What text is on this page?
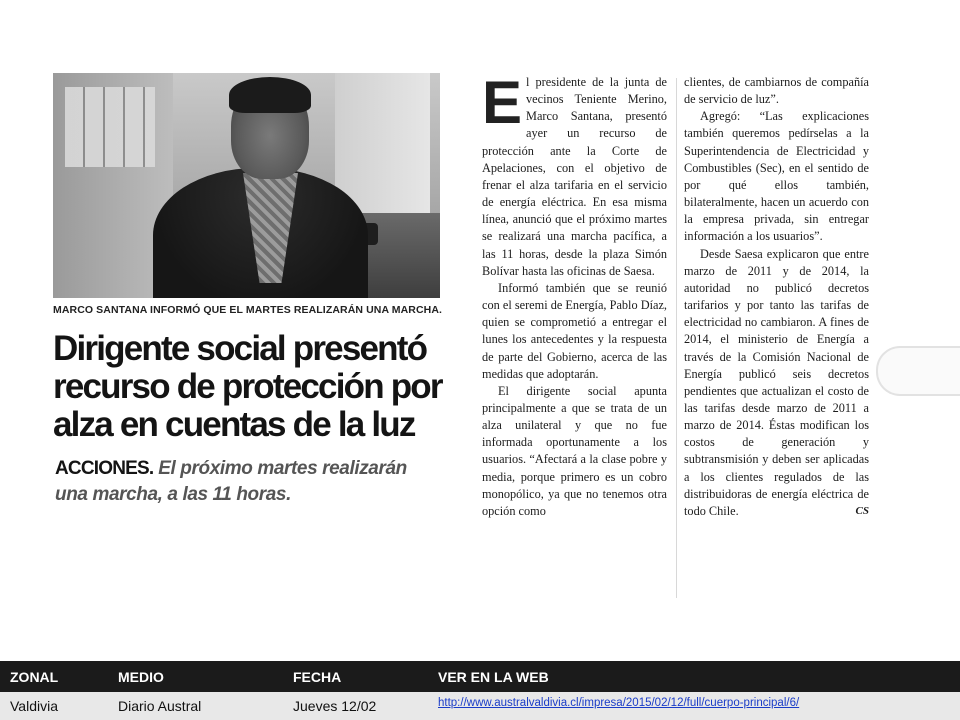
MARCO SANTANA INFORMÓ QUE EL MARTES REALIZARÁN UNA MARCHA.
Dirigente social presentó
recurso de protección por
alza en cuentas de la luz

ACCIONES. El próximo martes realizarán
una marcha, a las 11 horas.

El presidente de la junta de vecinos Teniente Merino, Marco Santana, presentó ayer un recurso de protección ante la Corte de Apelaciones, con el objetivo de frenar el alza tarifaria en el servicio de energía eléctrica. En esa misma línea, anunció que el próximo martes se realizará una marcha pacífica, a las 11 horas, desde la plaza Simón Bolívar hasta las oficinas de Saesa.

Informó también que se reunió con el seremi de Energía, Pablo Díaz, quien se comprometió a entregar el lunes los antecedentes y la respuesta de parte del Gobierno, acerca de las medidas que adoptarán.

El dirigente social apunta principalmente a que se trata de un alza unilateral y que no fue informada oportunamente a los usuarios. “Afectará a la clase pobre y media, porque primero es un cobro monopólico, ya que no tenemos otra opción como

clientes, de cambiarnos de compañía de servicio de luz”.

Agregó: “Las explicaciones también queremos pedírselas a la Superintendencia de Electricidad y Combustibles (Sec), en el sentido de por qué ellos también, bilateralmente, hacen un acuerdo con la empresa privada, sin entregar información a los usuarios”.

Desde Saesa explicaron que entre marzo de 2011 y de 2014, la autoridad no publicó decretos tarifarios y por tanto las tarifas de electricidad no cambiaron. A fines de 2014, el ministerio de Energía a través de la Comisión Nacional de Energía publicó seis decretos pendientes que actualizan el costo de las tarifas desde marzo de 2011 a marzo de 2014. Éstas modifican los costos de generación y subtransmisión y deben ser aplicadas a los clientes regulados de las distribuidoras de energía eléctrica de todo Chile.	CS

ZONAL	MEDIO	FECHA	VER EN LA WEB
Valdivia	Diario Austral	Jueves 12/02	http://www.australvaldivia.cl/impresa/2015/02/12/full/cuerpo-principal/6/
